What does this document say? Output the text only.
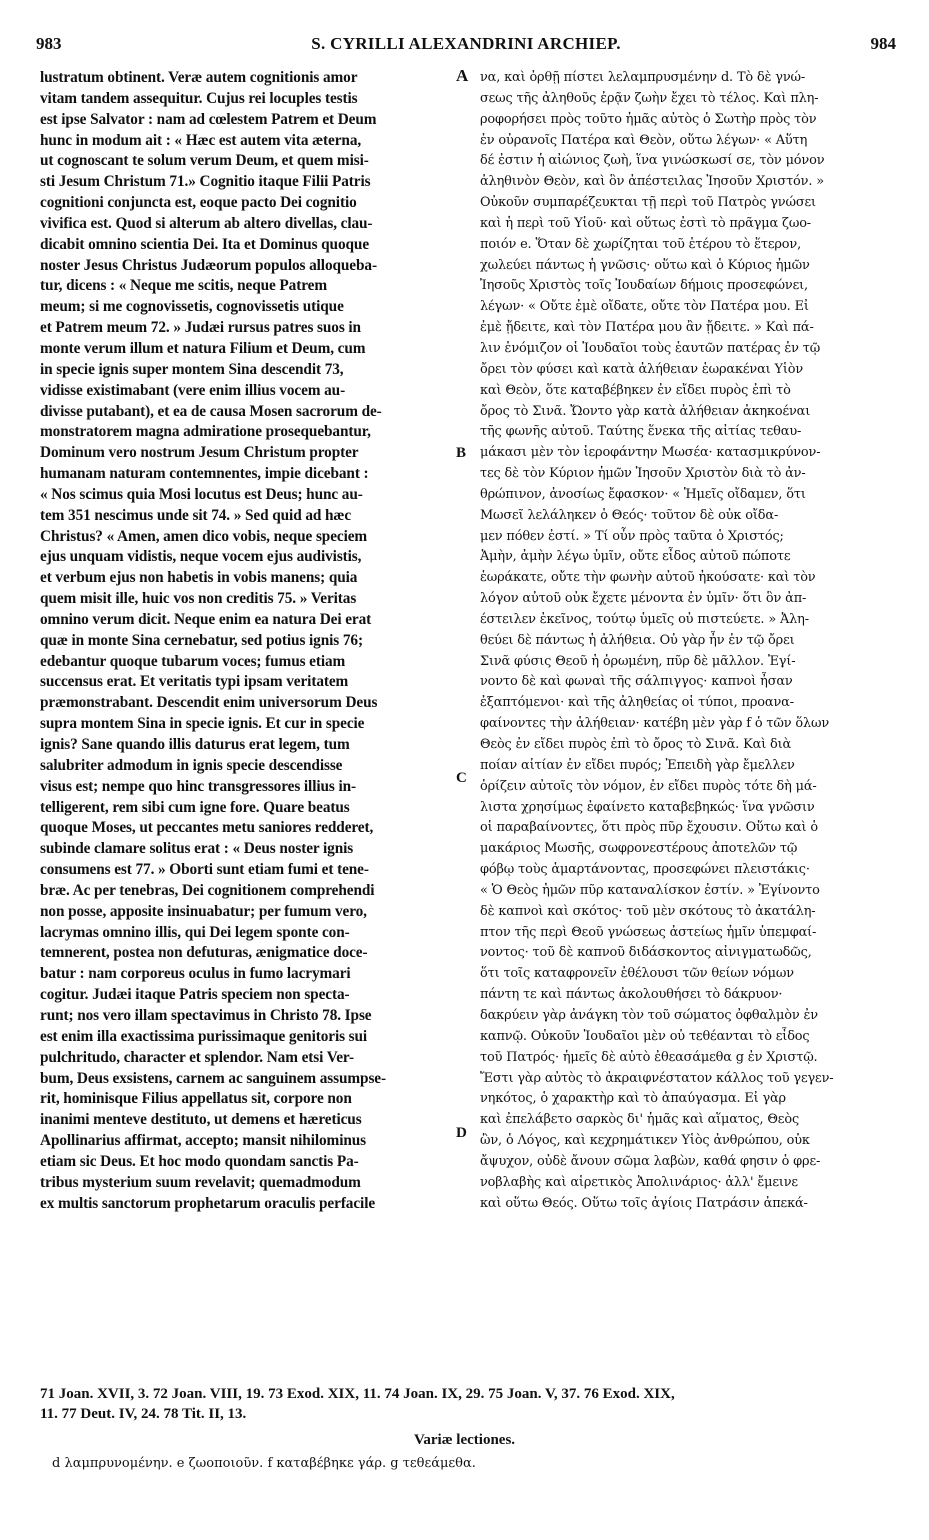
983	S. CYRILLI ALEXANDRINI ARCHIEP.	984
lustratum obtinent. Veræ autem cognitionis amor
vitam tandem assequitur. Cujus rei locuples testis
est ipse Salvator : nam ad cœlestem Patrem et Deum
hunc in modum ait : « Hæc est autem vita æterna,
ut cognoscant te solum verum Deum, et quem misi-
sti Jesum Christum 71.» Cognitio itaque Filii Patris
cognitioni conjuncta est, eoque pacto Dei cognitio
vivifica est. Quod si alterum ab altero divellas, clau-
dicabit omnino scientia Dei. Ita et Dominus quoque
noster Jesus Christus Judæorum populos alloqueba-
tur, dicens : « Neque me scitis, neque Patrem
meum; si me cognovissetis, cognovissetis utique
et Patrem meum 72. » Judæi rursus patres suos in
monte verum illum et natura Filium et Deum, cum
in specie ignis super montem Sina descendit 73,
vidisse existimabant (vere enim illius vocem au-
divisse putabant), et ea de causa Mosen sacrorum de-
monstratorem magna admiratione prosequebantur,
Dominum vero nostrum Jesum Christum propter
humanam naturam contemnentes, impie dicebant :
« Nos scimus quia Mosi locutus est Deus; hunc au-
tem 351 nescimus unde sit 74. » Sed quid ad hæc
Christus? « Amen, amen dico vobis, neque speciem
ejus unquam vidistis, neque vocem ejus audivistis,
et verbum ejus non habetis in vobis manens; quia
quem misit ille, huic vos non creditis 75. » Veritas
omnino verum dicit. Neque enim ea natura Dei erat
quæ in monte Sina cernebatur, sed potius ignis 76;
edebantur quoque tubarum voces; fumus etiam
succensus erat. Et veritatis typi ipsam veritatem
præmonstrabant. Descendit enim universorum Deus
supra montem Sina in specie ignis. Et cur in specie
ignis? Sane quando illis daturus erat legem, tum
salubriter admodum in ignis specie descendisse
visus est; nempe quo hinc transgressores illius in-
telligerent, rem sibi cum igne fore. Quare beatus
quoque Moses, ut peccantes metu saniores redderet,
subinde clamare solitus erat : « Deus noster ignis
consumens est 77. » Oborti sunt etiam fumi et tene-
bræ. Ac per tenebras, Dei cognitionem comprehendi
non posse, apposite insinuabatur; per fumum vero,
lacrymas omnino illis, qui Dei legem sponte con-
temnerent, postea non defuturas, ænigmatice doce-
batur : nam corporeus oculus in fumo lacrymari
cogitur. Judæi itaque Patris speciem non specta-
runt; nos vero illam spectavimus in Christo 78. Ipse
est enim illa exactissima purissimaque genitoris sui
pulchritudo, character et splendor. Nam etsi Ver-
bum, Deus exsistens, carnem ac sanguinem assumpse-
rit, hominisque Filius appellatus sit, corpore non
inanimi menteve destituto, ut demens et hæreticus
Apollinarius affirmat, accepto; mansit nihilominus
etiam sic Deus. Et hoc modo quondam sanctis Pa-
tribus mysterium suum revelavit; quemadmodum
ex multis sanctorum prophetarum oraculis perfacile
A
B
C
D
να, καὶ ὀρθῇ πίστει λελαμπρυσμένην d. Τὸ δὲ γνώ-
σεως τῆς ἀληθοῦς ἐρᾷν ζωὴν ἔχει τὸ τέλος. Καὶ πλη-
ροφορήσει πρὸς τοῦτο ἡμᾶς αὐτὸς ὁ Σωτὴρ πρὸς τὸν
ἐν οὐρανοῖς Πατέρα καὶ Θεὸν, οὕτω λέγων· « Αὕτη
δέ ἐστιν ἡ αἰώνιος ζωὴ, ἵνα γινώσκωσί σε, τὸν μόνον
ἀληθινὸν Θεὸν, καὶ ὃν ἀπέστειλας Ἰησοῦν Χριστόν. »
Οὐκοῦν συμπαρέζευκται τῇ περὶ τοῦ Πατρὸς γνώσει
καὶ ἡ περὶ τοῦ Υἱοῦ· καὶ οὕτως ἐστὶ τὸ πρᾶγμα ζωο-
ποιόν e. Ὅταν δὲ χωρίζηται τοῦ ἑτέρου τὸ ἕτερον,
χωλεύει πάντως ἡ γνῶσις· οὕτω καὶ ὁ Κύριος ἡμῶν
Ἰησοῦς Χριστὸς τοῖς Ἰουδαίων δήμοις προσεφώνει,
λέγων· « Οὔτε ἐμὲ οἴδατε, οὔτε τὸν Πατέρα μου. Εἰ
ἐμὲ ᾔδειτε, καὶ τὸν Πατέρα μου ἂν ᾔδειτε. » Καὶ πά-
λιν ἐνόμιζον οἱ Ἰουδαῖοι τοὺς ἑαυτῶν πατέρας ἐν τῷ
ὄρει τὸν φύσει καὶ κατὰ ἀλήθειαν ἑωρακέναι Υἱὸν
καὶ Θεὸν, ὅτε καταβέβηκεν ἐν εἴδει πυρὸς ἐπὶ τὸ
ὄρος τὸ Σινᾶ. Ὤοντο γὰρ κατὰ ἀλήθειαν ἀκηκοέναι
τῆς φωνῆς αὐτοῦ. Ταύτης ἕνεκα τῆς αἰτίας τεθαυ-
μάκασι μὲν τὸν ἱεροφάντην Μωσέα· κατασμικρύνον-
τες δὲ τὸν Κύριον ἡμῶν Ἰησοῦν Χριστὸν διὰ τὸ ἀν-
θρώπινον, ἀνοσίως ἔφασκον· « Ἡμεῖς οἴδαμεν, ὅτι
Μωσεῖ λελάληκεν ὁ Θεός· τοῦτον δὲ οὐκ οἴδα-
μεν πόθεν ἐστί. » Τί οὖν πρὸς ταῦτα ὁ Χριστός;
Ἀμὴν, ἀμὴν λέγω ὑμῖν, οὔτε εἶδος αὐτοῦ πώποτε
ἑωράκατε, οὔτε τὴν φωνὴν αὐτοῦ ἠκούσατε· καὶ τὸν
λόγον αὐτοῦ οὐκ ἔχετε μένοντα ἐν ὑμῖν· ὅτι ὃν ἀπ-
έστειλεν ἐκεῖνος, τούτῳ ὑμεῖς οὐ πιστεύετε. » Ἀλη-
θεύει δὲ πάντως ἡ ἀλήθεια. Οὐ γὰρ ἦν ἐν τῷ ὄρει
Σινᾶ φύσις Θεοῦ ἡ ὁρωμένη, πῦρ δὲ μᾶλλον. Ἐγί-
νοντο δὲ καὶ φωναὶ τῆς σάλπιγγος· καπνοὶ ἦσαν
ἐξαπτόμενοι· καὶ τῆς ἀληθείας οἱ τύποι, προανα-
φαίνοντες τὴν ἀλήθειαν· κατέβη μὲν γὰρ f ὁ τῶν ὅλων
Θεὸς ἐν εἴδει πυρὸς ἐπὶ τὸ ὄρος τὸ Σινᾶ. Καὶ διὰ
ποίαν αἰτίαν ἐν εἴδει πυρός; Ἐπειδὴ γὰρ ἔμελλεν
ὁρίζειν αὐτοῖς τὸν νόμον, ἐν εἴδει πυρὸς τότε δὴ μά-
λιστα χρησίμως ἐφαίνετο καταβεβηκώς· ἵνα γνῶσιν
οἱ παραβαίνοντες, ὅτι πρὸς πῦρ ἔχουσιν. Οὕτω καὶ ὁ
μακάριος Μωσῆς, σωφρονεστέρους ἀποτελῶν τῷ
φόβῳ τοὺς ἁμαρτάνοντας, προσεφώνει πλειστάκις·
« Ὁ Θεὸς ἡμῶν πῦρ καταναλίσκον ἐστίν. » Ἐγίνοντο
δὲ καπνοὶ καὶ σκότος· τοῦ μὲν σκότους τὸ ἀκατάλη-
πτον τῆς περὶ Θεοῦ γνώσεως ἀστείως ἡμῖν ὑπεμφαί-
νοντος· τοῦ δὲ καπνοῦ διδάσκοντος αἰνιγματωδῶς,
ὅτι τοῖς καταφρονεῖν ἐθέλουσι τῶν θείων νόμων
πάντη τε καὶ πάντως ἀκολουθήσει τὸ δάκρυον·
δακρύειν γὰρ ἀνάγκη τὸν τοῦ σώματος ὀφθαλμὸν ἐν
καπνῷ. Οὐκοῦν Ἰουδαῖοι μὲν οὐ τεθέανται τὸ εἶδος
τοῦ Πατρός· ἡμεῖς δὲ αὐτὸ ἐθεασάμεθα g ἐν Χριστῷ.
Ἔστι γὰρ αὐτὸς τὸ ἀκραιφνέστατον κάλλος τοῦ γεγεν-
νηκότος, ὁ χαρακτὴρ καὶ τὸ ἀπαύγασμα. Εἰ γὰρ
καὶ ἐπελάβετο σαρκὸς δι' ἡμᾶς καὶ αἵματος, Θεὸς
ὢν, ὁ Λόγος, καὶ κεχρημάτικεν Υἱὸς ἀνθρώπου, οὐκ
ἄψυχον, οὐδὲ ἄνουν σῶμα λαβὼν, καθά φησιν ὁ φρε-
νοβλαβὴς καὶ αἱρετικὸς Ἀπολινάριος· ἀλλ' ἔμεινε
καὶ οὕτω Θεός. Οὕτω τοῖς ἁγίοις Πατράσιν ἀπεκά-
71 Joan. XVII, 3. 72 Joan. VIII, 19. 73 Exod. XIX, 11. 74 Joan. IX, 29. 75 Joan. V, 37. 76 Exod. XIX,
11. 77 Deut. IV, 24. 78 Tit. II, 13.
Variæ lectiones.
d λαμπρυνομένην. e ζωοποιοῦν. f καταβέβηκε γάρ. g τεθεάμεθα.
